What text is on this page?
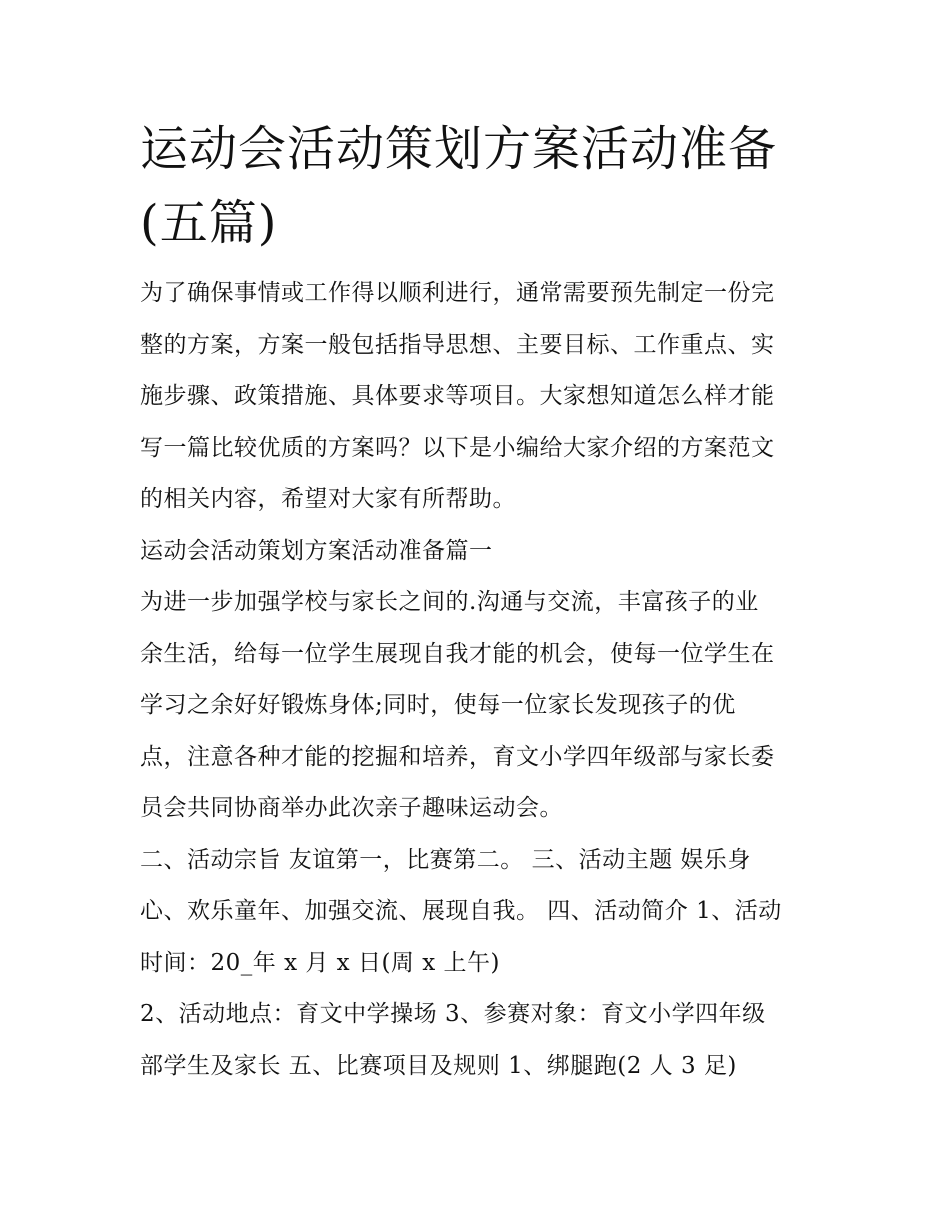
运动会活动策划方案活动准备
(五篇)
为了确保事情或工作得以顺利进行，通常需要预先制定一份完
整的方案，方案一般包括指导思想、主要目标、工作重点、实
施步骤、政策措施、具体要求等项目。大家想知道怎么样才能
写一篇比较优质的方案吗？以下是小编给大家介绍的方案范文
的相关内容，希望对大家有所帮助。
运动会活动策划方案活动准备篇一
为进一步加强学校与家长之间的.沟通与交流，丰富孩子的业
余生活，给每一位学生展现自我才能的机会，使每一位学生在
学习之余好好锻炼身体;同时，使每一位家长发现孩子的优
点，注意各种才能的挖掘和培养，育文小学四年级部与家长委
员会共同协商举办此次亲子趣味运动会。
二、活动宗旨 友谊第一，比赛第二。 三、活动主题 娱乐身
心、欢乐童年、加强交流、展现自我。 四、活动简介 1、活动
时间：20_年 x 月 x 日(周 x 上午)
2、活动地点：育文中学操场 3、参赛对象：育文小学四年级
部学生及家长 五、比赛项目及规则 1、绑腿跑(2 人 3 足)
